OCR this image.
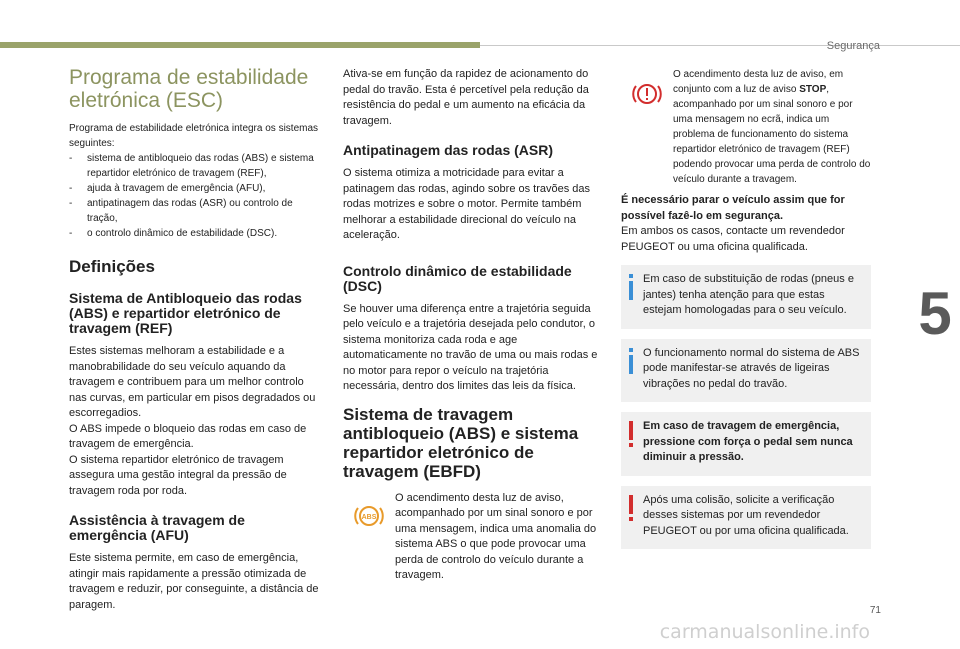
Segurança
5
71
carmanualsonline.info
Programa de estabilidade eletrónica (ESC)

Programa de estabilidade eletrónica integra os sistemas seguintes:

- sistema de antibloqueio das rodas (ABS) e sistema repartidor eletrónico de travagem (REF),
- ajuda à travagem de emergência (AFU),
- antipatinagem das rodas (ASR) ou controlo de tração,
- o controlo dinâmico de estabilidade (DSC).
Definições
Sistema de Antibloqueio das rodas (ABS) e repartidor eletrónico de travagem (REF)

Estes sistemas melhoram a estabilidade e a manobrabilidade do seu veículo aquando da travagem e contribuem para um melhor controlo nas curvas, em particular em pisos degradados ou escorregadios.

O ABS impede o bloqueio das rodas em caso de travagem de emergência.

O sistema repartidor eletrónico de travagem assegura uma gestão integral da pressão de travagem roda por roda.

Assistência à travagem de emergência (AFU)

Este sistema permite, em caso de emergência, atingir mais rapidamente a pressão otimizada de travagem e reduzir, por conseguinte, a distância de paragem.

Ativa-se em função da rapidez de acionamento do pedal do travão. Esta é percetível pela redução da resistência do pedal e um aumento na eficácia da travagem.

Antipatinagem das rodas (ASR)

O sistema otimiza a motricidade para evitar a patinagem das rodas, agindo sobre os travões das rodas motrizes e sobre o motor. Permite também melhorar a estabilidade direcional do veículo na aceleração.

Controlo dinâmico de estabilidade (DSC)

Se houver uma diferença entre a trajetória seguida pelo veículo e a trajetória desejada pelo condutor, o sistema monitoriza cada roda e age automaticamente no travão de uma ou mais rodas e no motor para repor o veículo na trajetória necessária, dentro dos limites das leis da física.

Sistema de travagem antibloqueio (ABS) e sistema repartidor eletrónico de travagem (EBFD)
ABS

O acendimento desta luz de aviso, acompanhado por um sinal sonoro e por uma mensagem, indica uma anomalia do sistema ABS o que pode provocar uma perda de controlo do veículo durante a travagem.

O acendimento desta luz de aviso, em conjunto com a luz de aviso STOP, acompanhado por um sinal sonoro e por uma mensagem no ecrã, indica um problema de funcionamento do sistema repartidor eletrónico de travagem (REF) podendo provocar uma perda de controlo do veículo durante a travagem.

É necessário parar o veículo assim que for possível fazê-lo em segurança.

Em ambos os casos, contacte um revendedor PEUGEOT ou uma oficina qualificada.

Em caso de substituição de rodas (pneus e jantes) tenha atenção para que estas estejam homologadas para o seu veículo.

O funcionamento normal do sistema de ABS pode manifestar-se através de ligeiras vibrações no pedal do travão.

Em caso de travagem de emergência, pressione com força o pedal sem nunca diminuir a pressão.

Após uma colisão, solicite a verificação desses sistemas por um revendedor PEUGEOT ou por uma oficina qualificada.
